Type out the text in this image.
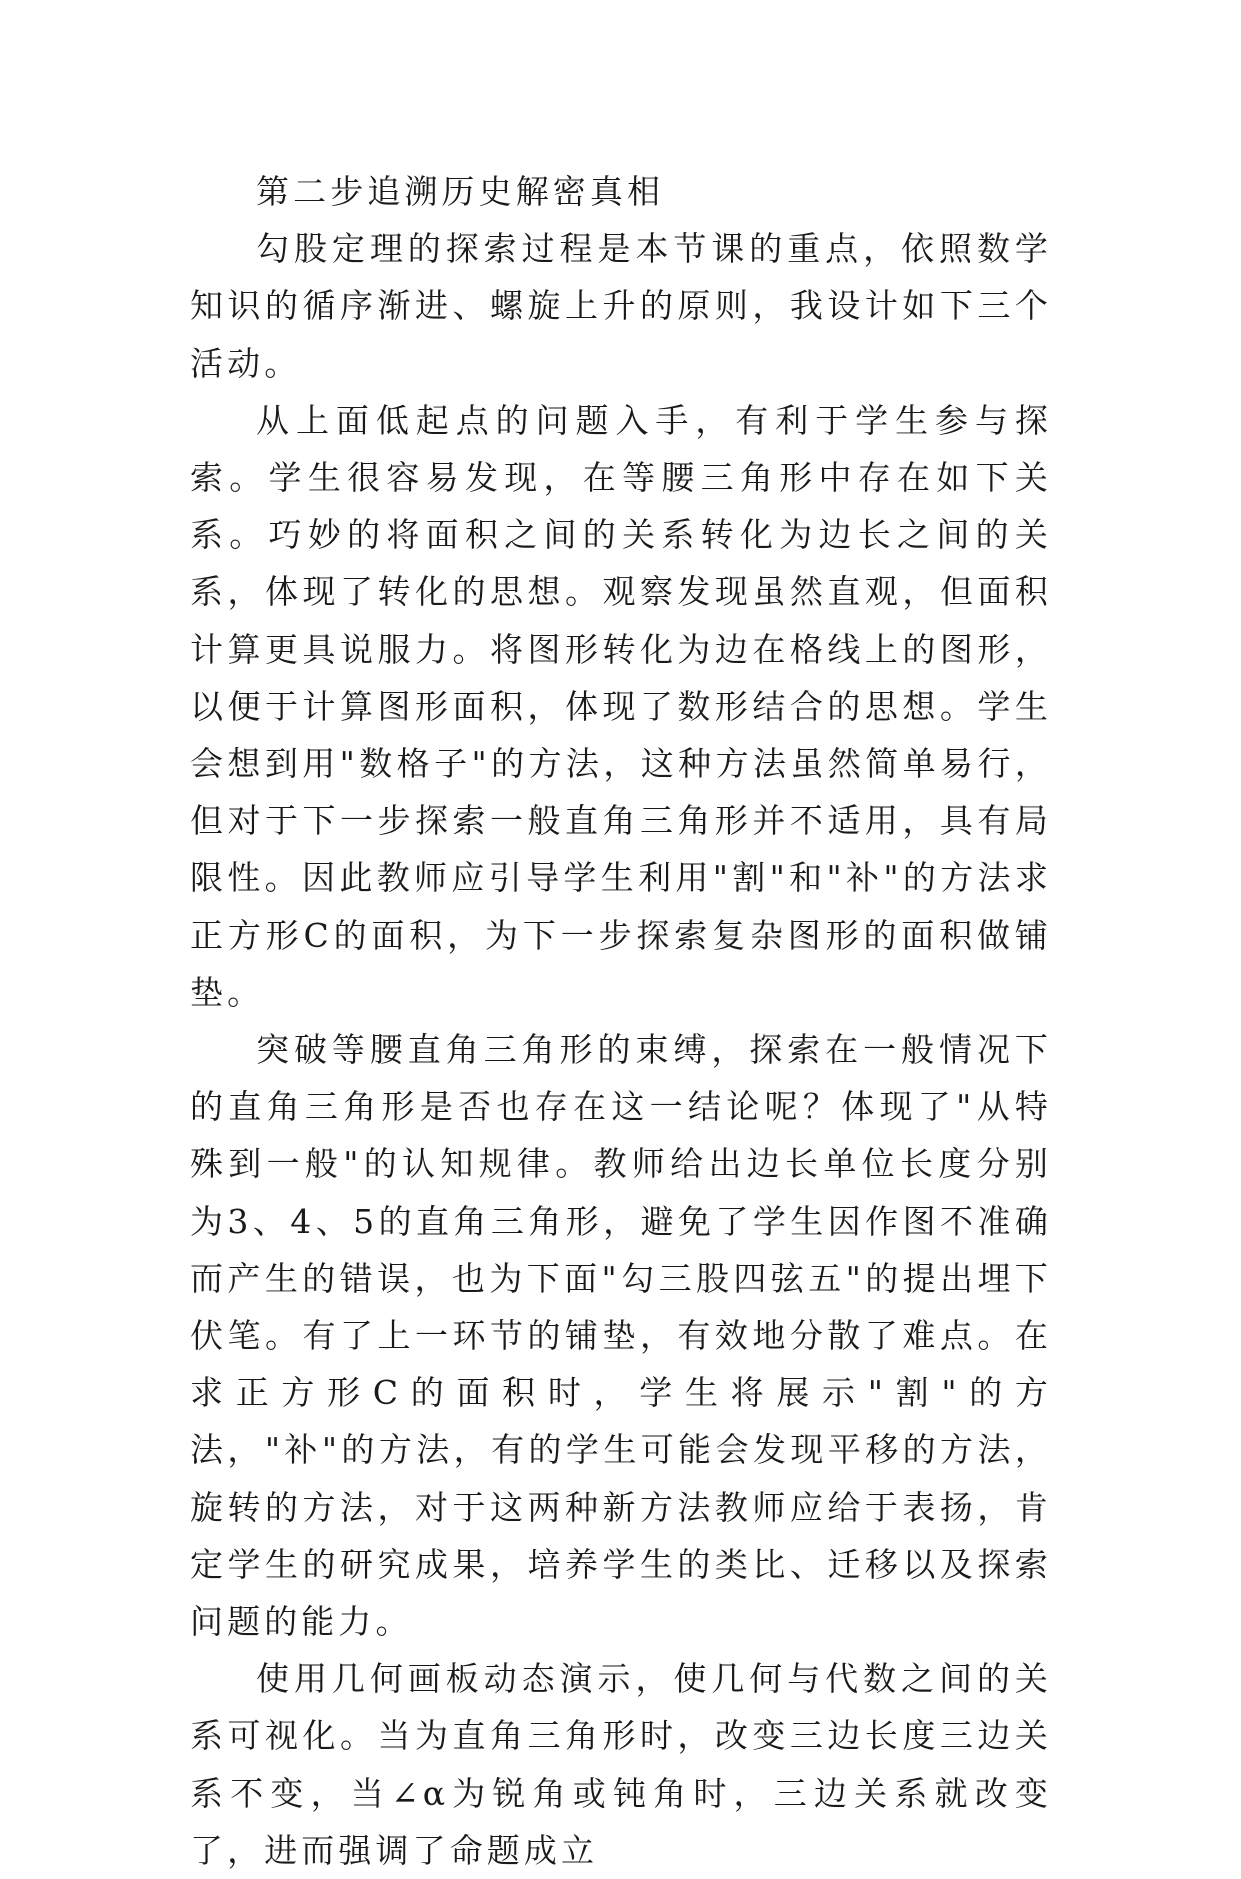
第二步追溯历史解密真相

勾股定理的探索过程是本节课的重点，依照数学知识的循序渐进、螺旋上升的原则，我设计如下三个活动。

从上面低起点的问题入手，有利于学生参与探索。学生很容易发现，在等腰三角形中存在如下关系。巧妙的将面积之间的关系转化为边长之间的关系，体现了转化的思想。观察发现虽然直观，但面积计算更具说服力。将图形转化为边在格线上的图形，以便于计算图形面积，体现了数形结合的思想。学生会想到用"数格子"的方法，这种方法虽然简单易行，但对于下一步探索一般直角三角形并不适用，具有局限性。因此教师应引导学生利用"割"和"补"的方法求正方形C的面积，为下一步探索复杂图形的面积做铺垫。

突破等腰直角三角形的束缚，探索在一般情况下的直角三角形是否也存在这一结论呢？体现了"从特殊到一般"的认知规律。教师给出边长单位长度分别为3、4、5的直角三角形，避免了学生因作图不准确而产生的错误，也为下面"勾三股四弦五"的提出埋下伏笔。有了上一环节的铺垫，有效地分散了难点。在求正方形C的面积时，学生将展示"割"的方法，"补"的方法，有的学生可能会发现平移的方法，旋转的方法，对于这两种新方法教师应给于表扬，肯定学生的研究成果，培养学生的类比、迁移以及探索问题的能力。

使用几何画板动态演示，使几何与代数之间的关系可视化。当为直角三角形时，改变三边长度三边关系不变，当∠α为锐角或钝角时，三边关系就改变了，进而强调了命题成立
